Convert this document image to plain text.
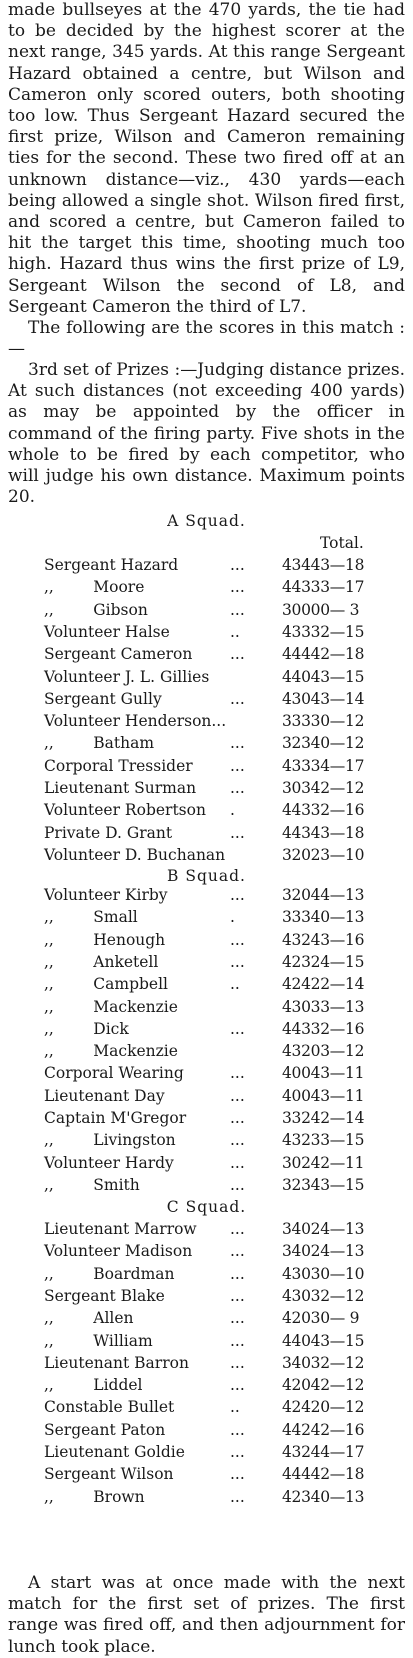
made bullseyes at the 470 yards, the tie had to be decided by the highest scorer at the next range, 345 yards. At this range Sergeant Hazard obtained a centre, but Wilson and Cameron only scored outers, both shooting too low. Thus Sergeant Hazard secured the first prize, Wilson and Cameron remaining ties for the second. These two fired off at an unknown distance—viz., 430 yards—each being allowed a single shot. Wilson fired first, and scored a centre, but Cameron failed to hit the target this time, shooting much too high. Hazard thus wins the first prize of L9, Sergeant Wilson the second of L8, and Sergeant Cameron the third of L7.

The following are the scores in this match :—

3rd set of Prizes :—Judging distance prizes. At such distances (not exceeding 400 yards) as may be appointed by the officer in command of the firing party. Five shots in the whole to be fired by each competitor, who will judge his own distance. Maximum points 20.

A Squad.
Total.
Sergeant Hazard	... 43443—18
,,        Moore	... 44333—17
,,        Gibson	... 30000— 3
Volunteer Halse	..	43332—15
Sergeant Cameron ... 44442—18
Volunteer J. L. Gillies	44043—15
Sergeant Gully	... 43043—14
Volunteer Henderson...	33330—12
,,        Batham	... 32340—12
Corporal Tressider ... 43334—17
Lieutenant Surman ... 30342—12
Volunteer Robertson .	44332—16
Private D. Grant	... 44343—18
Volunteer D. Buchanan	32023—10
B Squad.
Volunteer Kirby	... 32044—13
,,        Small	.	33340—13
,,        Henough	... 43243—16
,,        Anketell	... 42324—15
,,        Campbell	..	42422—14
,,        Mackenzie	43033—13
,,        Dick	... 44332—16
,,        Mackenzie	43203—12
Corporal Wearing	... 40043—11
Lieutenant Day	... 40043—11
Captain M'Gregor	... 33242—14
,,        Livingston	... 43233—15
Volunteer Hardy	... 30242—11
,,        Smith	... 32343—15
C Squad.
Lieutenant Marrow ... 34024—13
Volunteer Madison ... 34024—13
,,        Boardman	... 43030—10
Sergeant Blake	... 43032—12
,,        Allen	... 42030— 9
,,        William	... 44043—15
Lieutenant Barron	... 34032—12
,,        Liddel	... 42042—12
Constable Bullet	..	42420—12
Sergeant Paton	... 44242—16
Lieutenant Goldie	... 43244—17
Sergeant Wilson	... 44442—18
,,        Brown	... 42340—13

A start was at once made with the next match for the first set of prizes. The first range was fired off, and then adjournment for lunch took place.
